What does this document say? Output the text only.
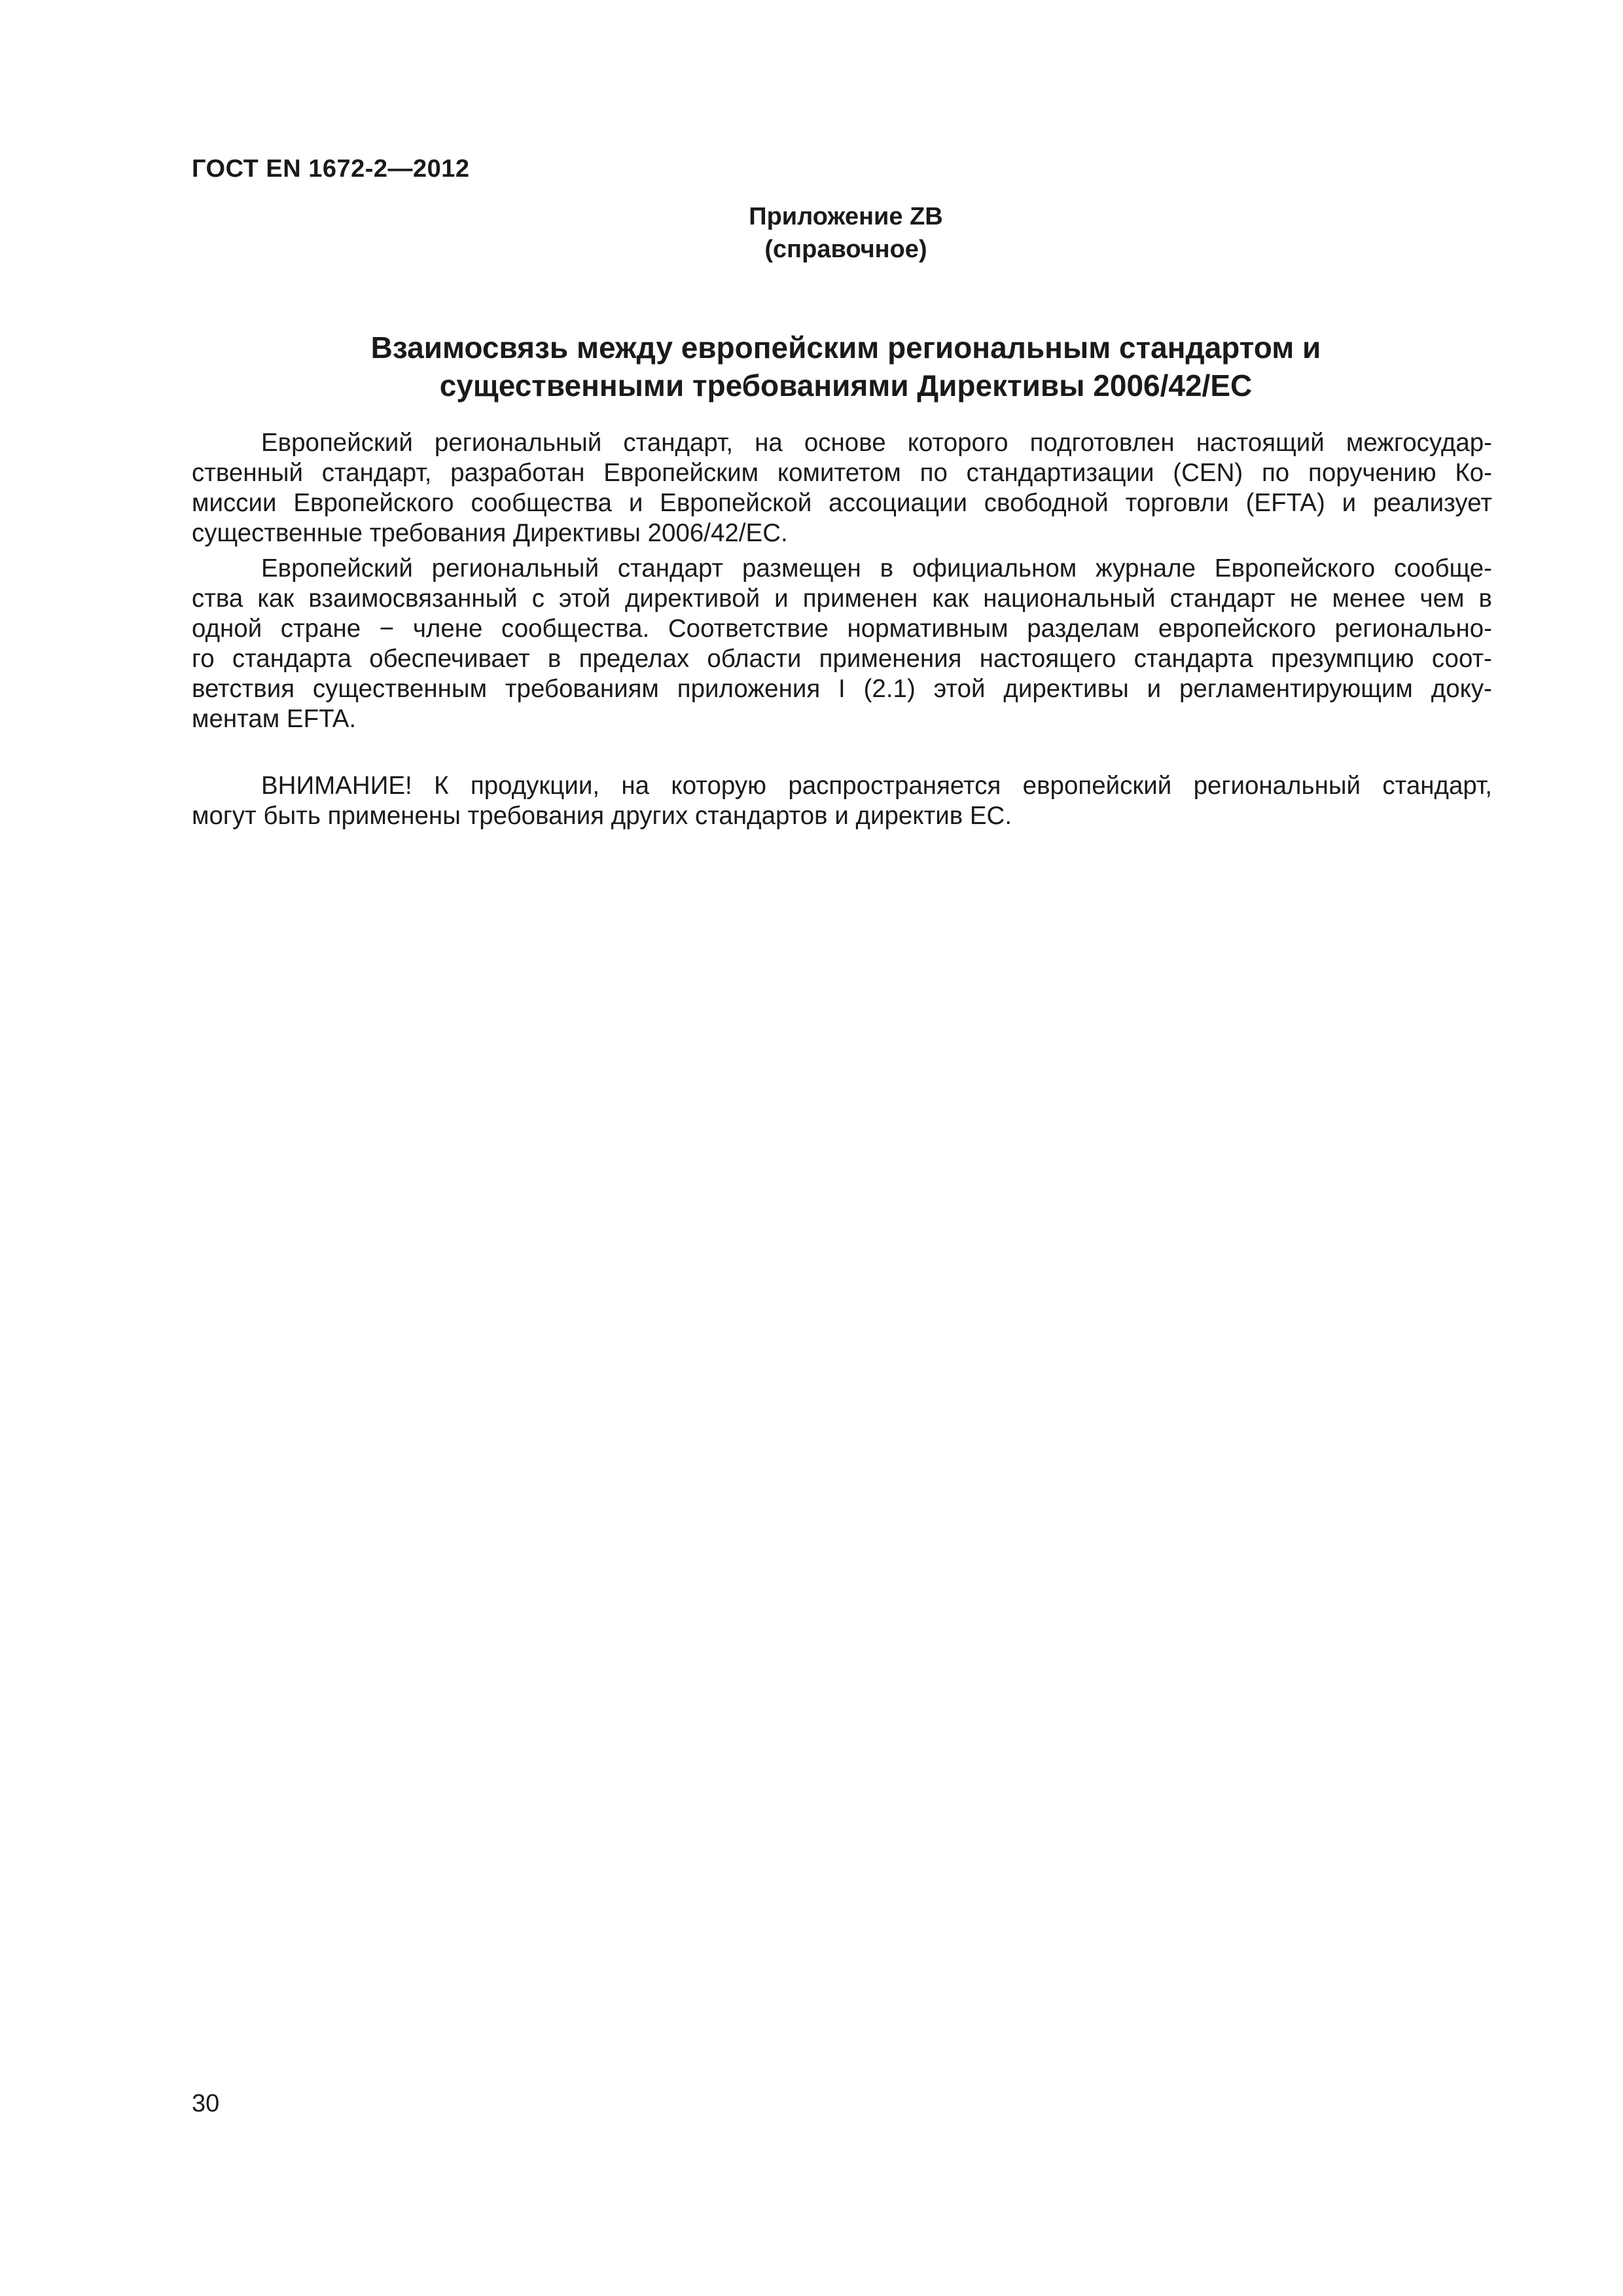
ГОСТ EN 1672-2—2012
Приложение ZB
(справочное)
Взаимосвязь между европейским региональным стандартом и
существенными требованиями Директивы 2006/42/ЕС
Европейский региональный стандарт, на основе которого подготовлен настоящий межгосудар-
ственный стандарт, разработан Европейским комитетом по стандартизации (CEN) по поручению Ко-
миссии Европейского сообщества и Европейской ассоциации свободной торговли (EFTA) и реализует
существенные требования Директивы 2006/42/ЕС.
Европейский региональный стандарт размещен в официальном журнале Европейского сообще-
ства как взаимосвязанный с этой директивой и применен как национальный стандарт не менее чем в
одной стране − члене сообщества. Соответствие нормативным разделам европейского регионально-
го стандарта обеспечивает в пределах области применения настоящего стандарта презумпцию соот-
ветствия существенным требованиям приложения I (2.1) этой директивы и регламентирующим доку-
ментам EFTA.
ВНИМАНИЕ! К продукции, на которую распространяется европейский региональный стандарт,
могут быть применены требования других стандартов и директив ЕС.
30
